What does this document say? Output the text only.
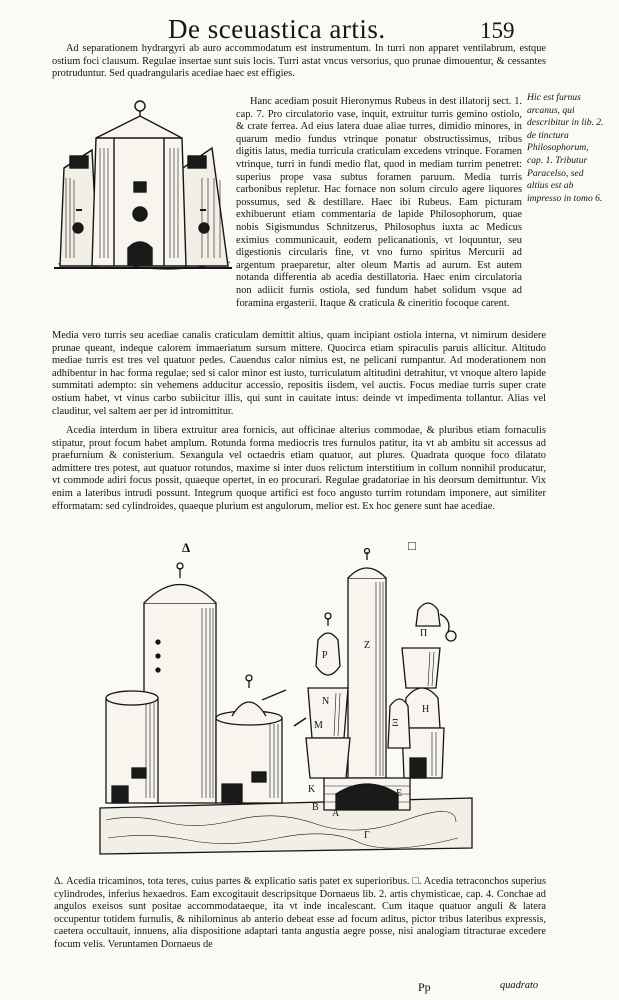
De sceuastica artis.	159

Ad separationem hydrargyri ab auro accommodatum est instrumentum. In turri non apparet ventilabrum, estque ostium foci clausum. Regulae insertae sunt suis locis. Turri astat vncus versorius, quo prunae dimouentur, & cessantes protruduntur. Sed quadrangularis acediae haec est effigies.

Hanc acediam posuit Hieronymus Rubeus in dest illatorij sect. 1. cap. 7. Pro circulatorio vase, inquit, extruitur turris gemino ostiolo, & crate ferrea. Ad eius latera duae aliae turres, dimidio minores, in quarum medio fundus vtrinque ponatur obstructissimus, tribus digitis latus, media turricula craticulam excedens vtrinque. Foramen vtrinque, turri in fundi medio flat, quod in mediam turrim penetret: superius prope vasa subtus foramen paruum. Media turris carbonibus repletur. Hac fornace non solum circulo agere liquores possumus, sed & destillare. Haec ibi Rubeus. Eam picturam exhibuerunt etiam commentaria de lapide Philosophorum, quae nobis Sigismundus Schnitzerus, Philosophus iuxta ac Medicus eximius communicauit, eodem pelicanationis, vt loquuntur, seu digestionis circularis fine, vt vno furno spiritus Mercurii ad argentum praeparetur, alter oleum Martis ad aurum. Est autem notanda differentia ab acedia destillatoria. Haec enim circulatoria non adiicit furnis ostiola, sed fundum habet solidum vsque ad foramina ergasterii. Itaque & craticula & cineritio focoque carent.

Hic est furnus arcanus, qui describitur in lib. 2. de tinctura Philosophorum, cap. 1. Tributur Paracelso, sed altius est ab impresso in tomo 6.

Media vero turris seu acediae canalis craticulam demittit altius, quam incipiant ostiola interna, vt nimirum desidere prunae queant, indeque calorem immaeriatum sursum mittere. Quocirca etiam spiraculis paruis allicitur. Altitudo mediae turris est tres vel quatuor pedes. Cauendus calor nimius est, ne pelicani rumpantur. Ad moderationem non adhibentur in hac forma regulae; sed si calor minor est iusto, turriculatum altitudini detrahitur, vt vnoque altero lapide summitati adempto: sin vehemens adducitur accessio, repositis iisdem, vel auctis. Focus mediae turris super crate ostium habet, vt vinus carbo subiicitur illis, qui sunt in cauitate intus: deinde vt impedimenta tollantur. Alias vel clauditur, vel saltem aer per id intromittitur.

Acedia interdum in libera extruitur area fornicis, aut officinae alterius commodae, & pluribus etiam fornaculis stipatur, prout focum habet amplum. Rotunda forma mediocris tres furnulos patitur, ita vt ab ambitu sit accessus ad praefurnium & conisterium. Sexangula vel octaedris etiam quatuor, aut plures. Quadrata quoque foco dilatato admittere tres potest, aut quatuor rotundos, maxime si inter duos relictum interstitium in collum nonnihil producatur, vt commode adiri focus possit, quaeque opertet, in eo procurari. Regulae gradatoriae in his deorsum demittuntur. Vix enim a lateribus intrudi possunt. Integrum quoque artifici est foco angusto turrim rotundam imponere, aut similiter efformatam: sed cylindroides, quaeque plurium est angulorum, melior est. Ex hoc genere sunt hae acediae.

Δ	□
Ζ
Π
Ρ
Ν
Μ
Η
Ξ
Κ
Β
Α
Ε
Γ

Δ. Acedia tricaminos, tota teres, cuius partes & explicatio satis patet ex superioribus. □. Acedia tetraconchos superius cylindrodes, inferius hexaedros. Eam excogitauit descripsitque Dornaeus lib. 2. artis chymisticae, cap. 4. Conchae ad angulos exeisos sunt positae accommodataeque, ita vt inde incalescant. Cum itaque quatuor anguli & latera occupentur totidem furnulis, & nihilominus ab anterio debeat esse ad focum aditus, pictor tribus lateribus expressis, caetera occultauit, innuens, alia dispositione adaptari tanta angustia aegre posse, nisi analogiam titracturae excedere focum velis. Veruntamen Dornaeus de

Pp	quadrato
